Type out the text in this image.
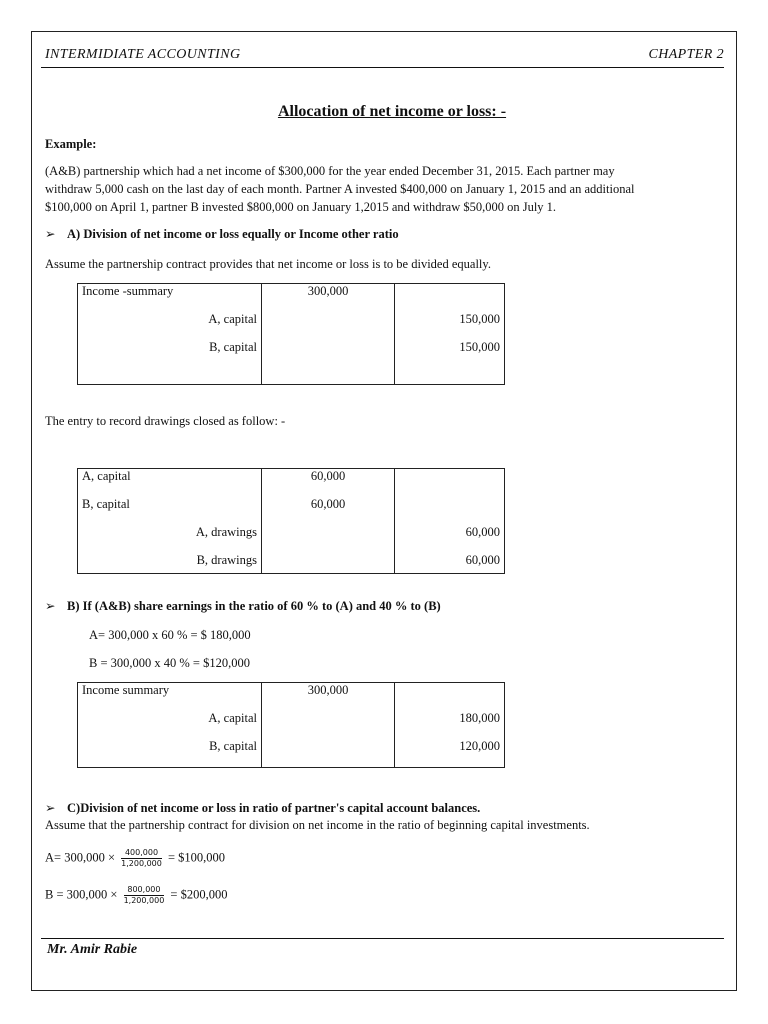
INTERMIDIATE ACCOUNTING	CHAPTER 2
Allocation of net income or loss: -
Example:
(A&B) partnership which had a net income of $300,000 for the year ended December 31, 2015. Each partner may
withdraw 5,000 cash on the last day of each month. Partner A invested $400,000 on January 1, 2015 and an additional
$100,000 on April 1, partner B invested $800,000 on January 1,2015 and withdraw $50,000 on July 1.
➢ A) Division of net income or loss equally or Income other ratio
Assume the partnership contract provides that net income or loss is to be divided equally.
Income -summary	300,000	
A, capital		150,000
B, capital		150,000

The entry to record drawings closed as follow: -
A, capital	60,000	
B, capital	60,000	
A, drawings		60,000
B, drawings		60,000
➢ B) If (A&B) share earnings in the ratio of 60 % to (A) and 40 % to (B)
A= 300,000 x 60 % = $ 180,000
B = 300,000 x 40 % = $120,000
Income summary	300,000	
A, capital		180,000
B, capital		120,000
➢ C)Division of net income or loss in ratio of partner's capital account balances.
Assume that the partnership contract for division on net income in the ratio of beginning capital investments.
$A= 300,000 \times \frac{400,000}{1,200,000}$ = $100,000
$B = 300,000 \times \frac{800,000}{1,200,000}$ = $200,000
Mr. Amir Rabie
